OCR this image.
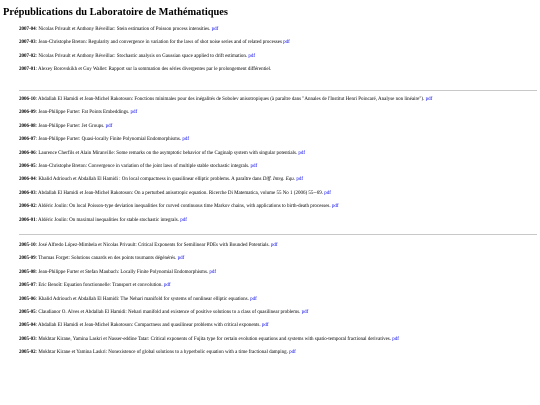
Prépublications du Laboratoire de Mathématiques
2007-04: Nicolas Privault et Anthony Réveillac: Stein estimation of Poisson process intensities. pdf
2007-03: Jean-Christophe Breton: Regularity and convergence in variation for the laws of shot noise series and of related processes pdf
2007-02: Nicolas Privault et Anthony Réveillac: Stochastic analysis on Gaussian space applied to drift estimation. pdf
2007-01: Alexey Borovskikh et Guy Wallet: Rapport sur la sommation des séries divergentes par le prolongement différentiel.
2006-10: Abdallah El Hamidi et Jean-Michel Rakotoson: Fonctions minimales pour des inégalités de Sobolev anisotropiques (à paraître dans "Annales de l'Institut Henri Poincaré, Analyse non linéaire"). pdf
2006-09: Jean-Philippe Furter: Fat Points Embeddings. pdf
2006-08: Jean-Philippe Furter: Jet Groups. pdf
2006-07: Jean-Philippe Furter: Quasi-locally Finite Polynomial Endomorphisms. pdf
2006-06: Laurence Cherfils et Alain Miranville: Some remarks on the asymptotic behavior of the Caginalp system with singular potentials. pdf
2006-05: Jean-Christophe Breton: Convergence in variation of the joint laws of multiple stable stochastic integrals. pdf
2006-04: Khalid Adriouch et Abdallah El Hamidi : On local compactness in quasilinear elliptic problems. A paraître dans Diff. Integ. Equ. pdf
2006-03: Abdallah El Hamidi et Jean-Michel Rakotoson: On a perturbed anisotropic equation. Ricerche Di Matematica, volume 55 No 1 (2006) 55--69. pdf
2006-02: Aldéric Joulin: On local Poisson-type deviation inequalities for curved continuous time Markov chains, with applications to birth-death processes. pdf
2006-01: Aldéric Joulin: On maximal inequalities for stable stochastic integrals. pdf
2005-10: José Alfredo López-Mimbela et Nicolas Privault: Critical Exponents for Semilinear PDEs with Bounded Potentials. pdf
2005-09: Thomas Forget: Solutions canards en des points tournants dégénérés. pdf
2005-08: Jean-Philippe Furter et Stefan Maubach: Locally Finite Polynomial Endomorphisms. pdf
2005-07: Eric Benoît: Equation fonctionnelle: Transport et convolution. pdf
2005-06: Khalid Adriouch et Abdallah El Hamidi: The Nehari manifold for systems of nonlinear elliptic equations. pdf
2005-05: Claudianor O. Alves et Abdallah El Hamidi: Nehari manifold and existence of positive solutions to a class of quasilinear problems. pdf
2005-04: Abdallah El Hamidi et Jean-Michel Rakotoson: Compactness and quasilinear problems with critical exponents. pdf
2005-03: Mokhtar Kirane, Yamina Laskri et Nasser-eddine Tatar: Critical exponents of Fujita type for certain evolution equations and systems with spatio-temporal fractional derivatives. pdf
2005-02: Mokhtar Kirane et Yamina Laskri: Nonexistence of global solutions to a hyperbolic equation with a time fractional damping. pdf
